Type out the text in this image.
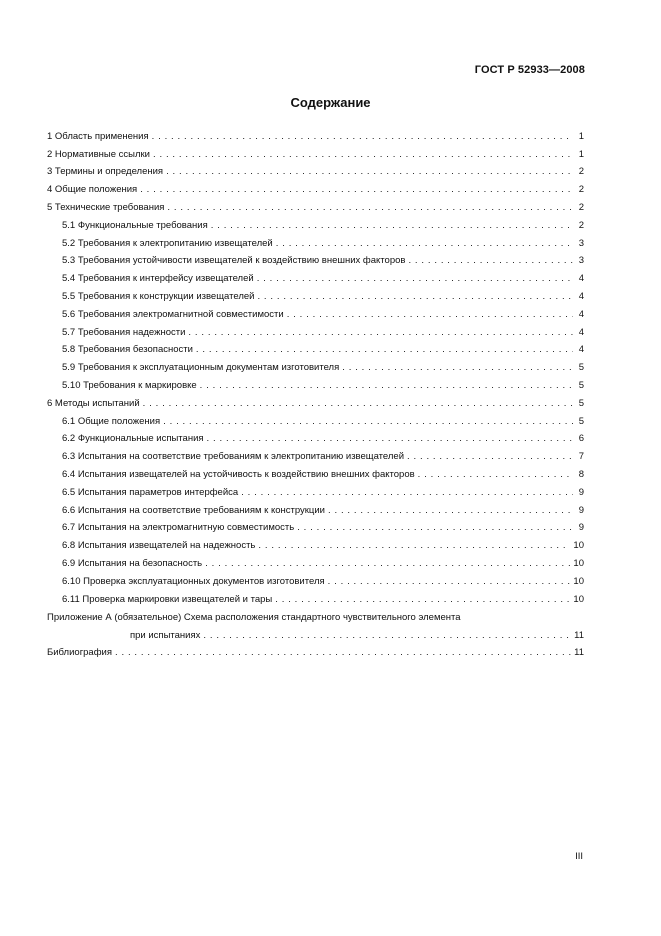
ГОСТ Р 52933—2008
Содержание
1 Область применения . . .	1
2 Нормативные ссылки . . .	1
3 Термины и определения . . .	2
4 Общие положения . . .	2
5 Технические требования . . .	2
5.1 Функциональные требования . . .	2
5.2 Требования к электропитанию извещателей . . .	3
5.3 Требования устойчивости извещателей к воздействию внешних факторов . . .	3
5.4 Требования к интерфейсу извещателей . . .	4
5.5 Требования к конструкции извещателей . . .	4
5.6 Требования электромагнитной совместимости . . .	4
5.7 Требования надежности . . .	4
5.8 Требования безопасности . . .	4
5.9 Требования к эксплуатационным документам изготовителя . . .	5
5.10 Требования к маркировке . . .	5
6 Методы испытаний . . .	5
6.1 Общие положения . . .	5
6.2 Функциональные испытания . . .	6
6.3 Испытания на соответствие требованиям к электропитанию извещателей . . .	7
6.4 Испытания извещателей на устойчивость к воздействию внешних факторов . . .	8
6.5 Испытания параметров интерфейса . . .	9
6.6 Испытания на соответствие требованиям к конструкции . . .	9
6.7 Испытания на электромагнитную совместимость . . .	9
6.8 Испытания извещателей на надежность . . .	10
6.9 Испытания на безопасность . . .	10
6.10 Проверка эксплуатационных документов изготовителя . . .	10
6.11 Проверка маркировки извещателей и тары . . .	10
Приложение А (обязательное) Схема расположения стандартного чувствительного элемента
при испытаниях . . .	11
Библиография . . .	11
III
